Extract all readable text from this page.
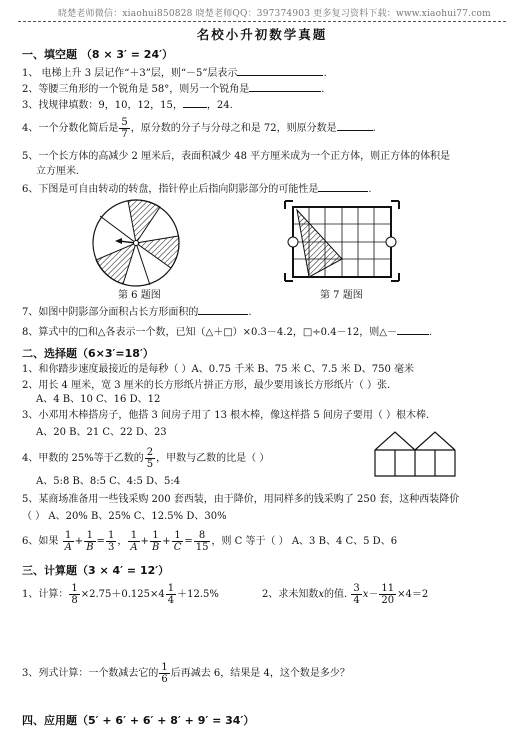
晓楚老师微信：xiaohui850828 晓楚老师QQ：397374903 更多复习资料下载：www.xiaohui77.com
名校小升初数学真题
一、填空题 （8 × 3′ = 24′）
1、 电梯上升 3 层记作“＋3”层，则“－5”层表示	.
2、等腰三角形的一个锐角是 58°，则另一个锐角是	.
3、找规律填数：9，10，12，15， ，24.
4、一个分数化简后是 $\frac{5}{7}$ ，原分数的分子与分母之和是 72，则原分数是	.
5、一个长方体的高减少 2 厘米后，表面积减少 48 平方厘米成为一个正方体，则正方体的体积是
立方厘米.
6、下图是可自由转动的转盘，指针停止后指向阴影部分的可能性是	.
第 6 题图	第 7 题图
7、如图中阴影部分面积占长方形面积的	.
8、算式中的□和△各表示一个数，已知（△＋□）×0.3－4.2，□÷0.4－12，则△－	.
二、选择题（6×3′=18′）
1、和你踏步速度最接近的是每秒（ ）A、0.75 千米 B、75 米 C、7.5 米 D、750 毫米
2、用长 4 厘米，宽 3 厘米的长方形纸片拼正方形，最少要用该长方形纸片（ ）张.
A、4 B、10 C、16 D、12
3、小邓用木棒搭房子，他搭 3 间房子用了 13 根木棒，像这样搭 5 间房子要用（ ）根木棒.
A、20 B、21 C、22 D、23
4、甲数的 25%等于乙数的 $\frac{2}{5}$ ，甲数与乙数的比是（ ）
A、5:8 B、8:5 C、4:5 D、5:4
5、某商场准备用一些钱采购 200 套西装，由于降价，用同样多的钱采购了 250 套，这种西装降价
（ ） A、20% B、25% C、12.5% D、30%
6、如果 $\frac{1}{A} + \frac{1}{B} = \frac{1}{3}$ ， $\frac{1}{A} + \frac{1}{B} + \frac{1}{C} = \frac{8}{15}$ ，则 C 等于（ ） A、3 B、4 C、5 D、6
三、计算题（3 × 4′ = 12′）
1、计算： $\frac{1}{8} \times 2.75+0.125\times 4 \frac{1}{4} +12.5\%$	2、求未知数x的值. $\frac{3}{4} x- \frac{11}{20} \times 4=2$
3、列式计算：一个数减去它的 $\frac{1}{6}$ 后再减去 6，结果是 4，这个数是多少？
四、应用题（5′ + 6′ + 6′ + 8′ + 9′ = 34′）
